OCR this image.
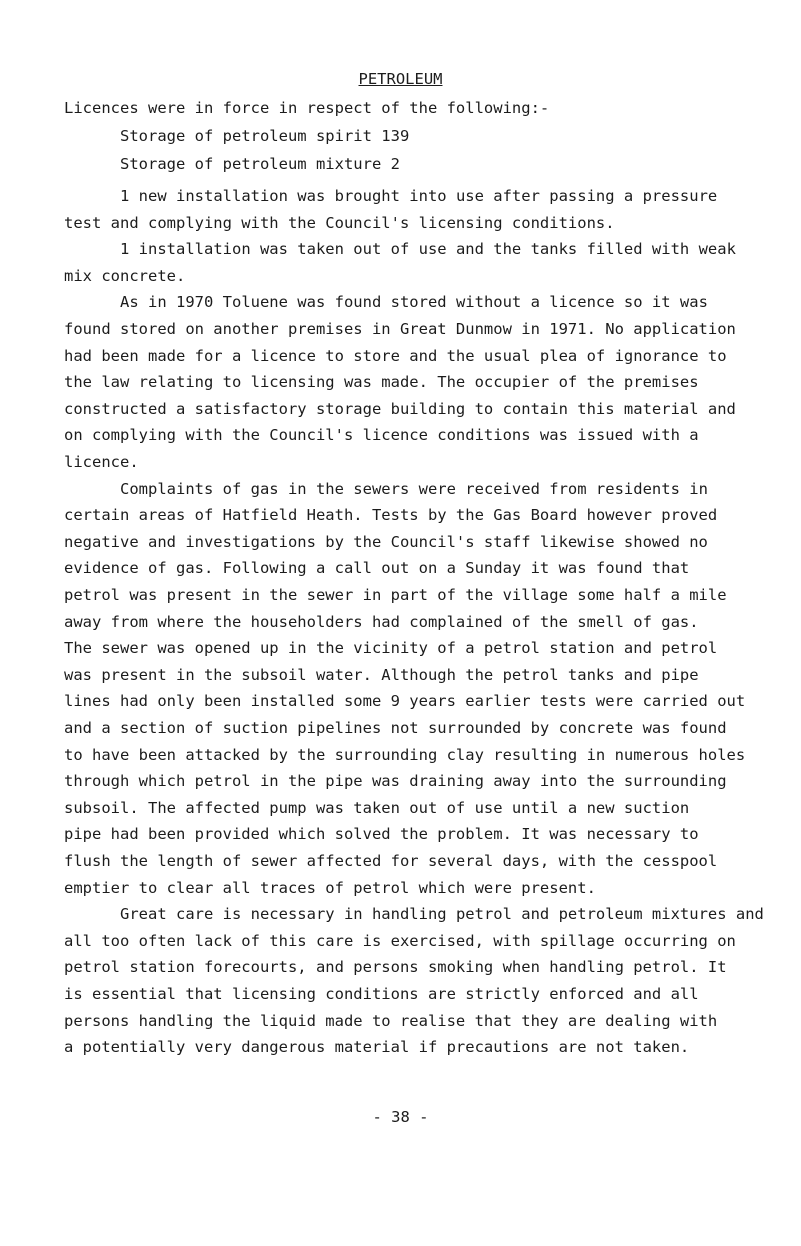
PETROLEUM
Licences were in force in respect of the following:-
Storage of petroleum spirit 139
Storage of petroleum mixture 2
1 new installation was brought into use after passing a pressure
test and complying with the Council's licensing conditions.
1 installation was taken out of use and the tanks filled with weak
mix concrete.
As in 1970 Toluene was found stored without a licence so it was
found stored on another premises in Great Dunmow in 1971. No application
had been made for a licence to store and the usual plea of ignorance to
the law relating to licensing was made. The occupier of the premises
constructed a satisfactory storage building to contain this material and
on complying with the Council's licence conditions was issued with a
licence.
Complaints of gas in the sewers were received from residents in
certain areas of Hatfield Heath. Tests by the Gas Board however proved
negative and investigations by the Council's staff likewise showed no
evidence of gas. Following a call out on a Sunday it was found that
petrol was present in the sewer in part of the village some half a mile
away from where the householders had complained of the smell of gas.
The sewer was opened up in the vicinity of a petrol station and petrol
was present in the subsoil water. Although the petrol tanks and pipe
lines had only been installed some 9 years earlier tests were carried out
and a section of suction pipelines not surrounded by concrete was found
to have been attacked by the surrounding clay resulting in numerous holes
through which petrol in the pipe was draining away into the surrounding
subsoil. The affected pump was taken out of use until a new suction
pipe had been provided which solved the problem. It was necessary to
flush the length of sewer affected for several days, with the cesspool
emptier to clear all traces of petrol which were present.
Great care is necessary in handling petrol and petroleum mixtures and
all too often lack of this care is exercised, with spillage occurring on
petrol station forecourts, and persons smoking when handling petrol. It
is essential that licensing conditions are strictly enforced and all
persons handling the liquid made to realise that they are dealing with
a potentially very dangerous material if precautions are not taken.
- 38 -
